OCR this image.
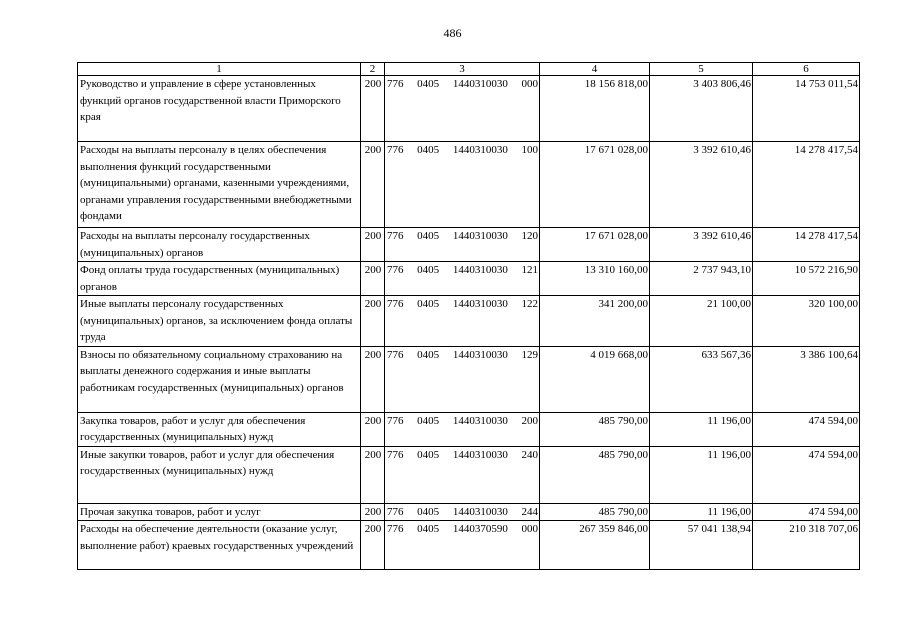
486
1	2	3	4	5	6
Руководство и управление в сфере установленных функций органов государственной власти Приморского края	200	776 0405 1440310030 000	18 156 818,00	3 403 806,46	14 753 011,54
Расходы на выплаты персоналу в целях обеспечения выполнения функций государственными (муниципальными) органами, казенными учреждениями, органами управления государственными внебюджетными фондами	200	776 0405 1440310030 100	17 671 028,00	3 392 610,46	14 278 417,54
Расходы на выплаты персоналу государственных (муниципальных) органов	200	776 0405 1440310030 120	17 671 028,00	3 392 610,46	14 278 417,54
Фонд оплаты труда государственных (муниципальных) органов	200	776 0405 1440310030 121	13 310 160,00	2 737 943,10	10 572 216,90
Иные выплаты персоналу государственных (муниципальных) органов, за исключением фонда оплаты труда	200	776 0405 1440310030 122	341 200,00	21 100,00	320 100,00
Взносы по обязательному социальному страхованию на выплаты денежного содержания и иные выплаты работникам государственных (муниципальных) органов	200	776 0405 1440310030 129	4 019 668,00	633 567,36	3 386 100,64
Закупка товаров, работ и услуг для обеспечения государственных (муниципальных) нужд	200	776 0405 1440310030 200	485 790,00	11 196,00	474 594,00
Иные закупки товаров, работ и услуг для обеспечения государственных (муниципальных) нужд	200	776 0405 1440310030 240	485 790,00	11 196,00	474 594,00
Прочая закупка товаров, работ и услуг	200	776 0405 1440310030 244	485 790,00	11 196,00	474 594,00
Расходы на обеспечение деятельности (оказание услуг, выполнение работ) краевых государственных учреждений	200	776 0405 1440370590 000	267 359 846,00	57 041 138,94	210 318 707,06
